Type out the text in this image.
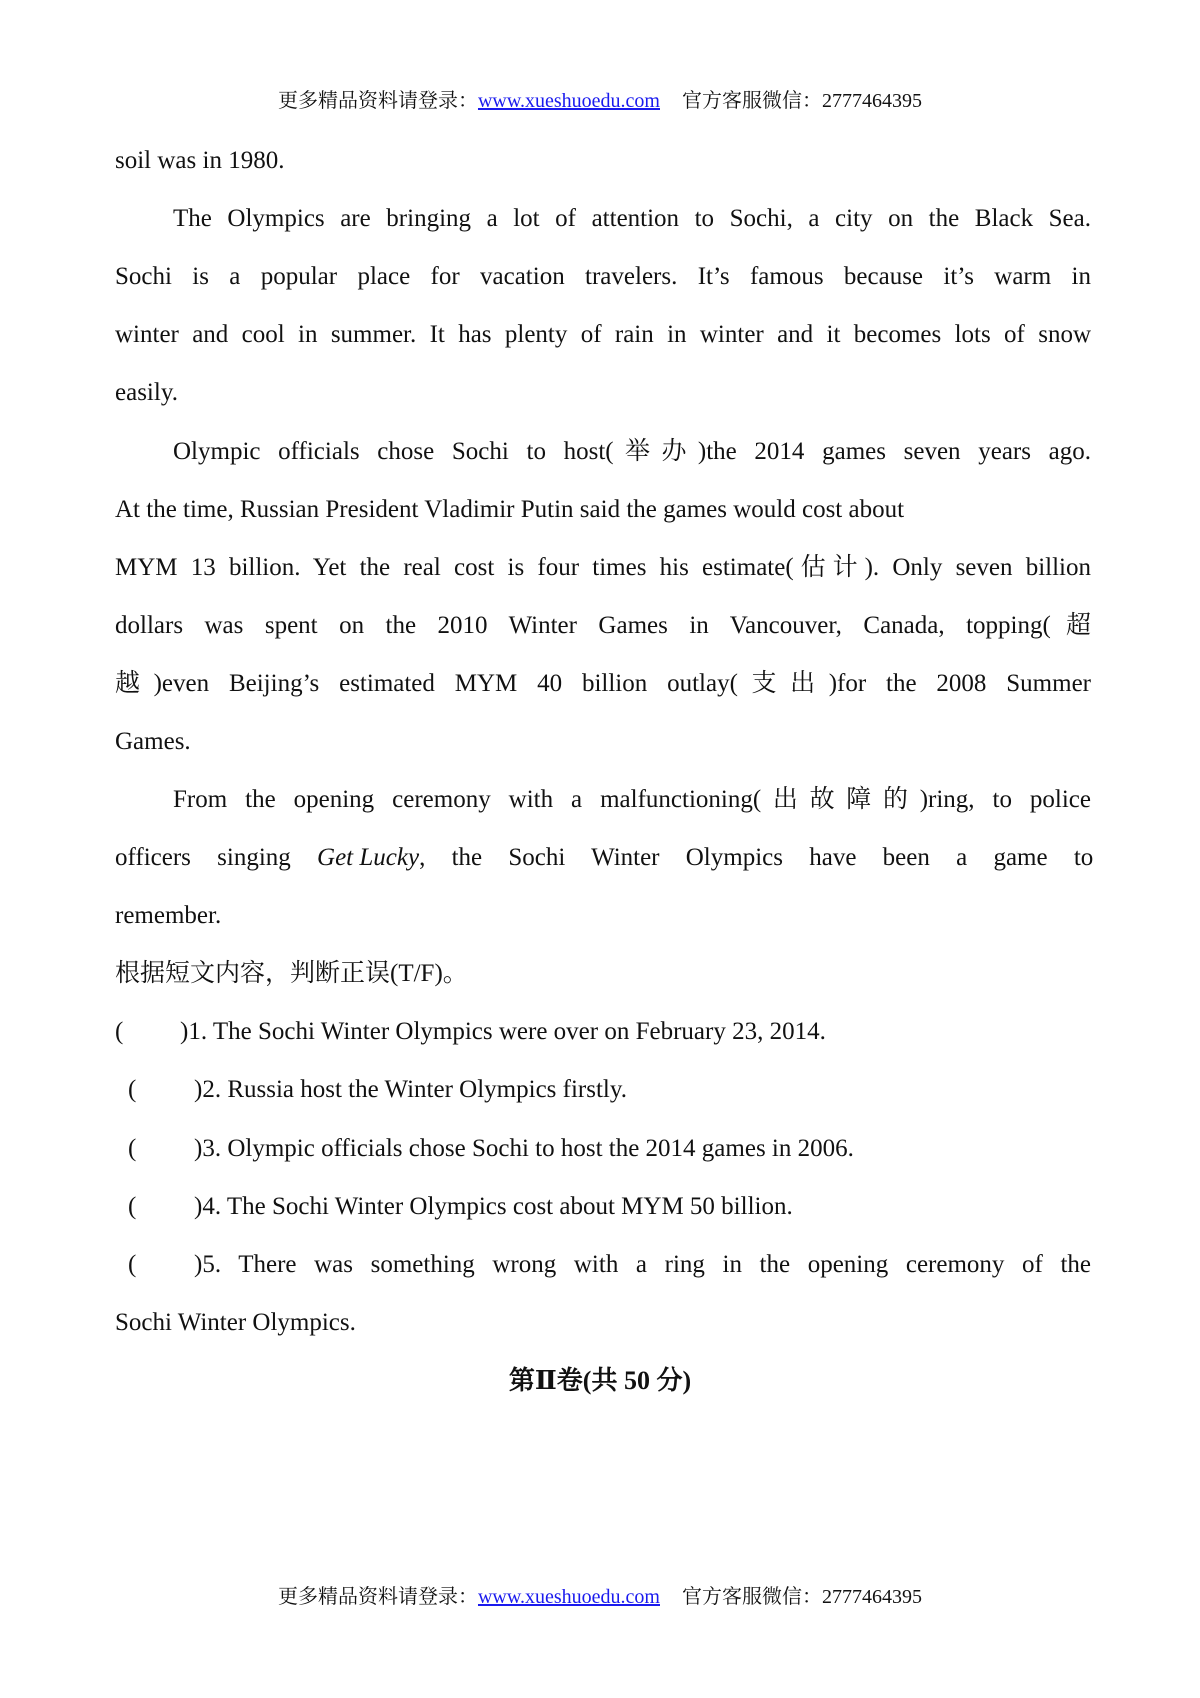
更多精品资料请登录：www.xueshuoedu.com 官方客服微信：2777464395
soil was in 1980.
The Olympics are bringing a lot of attention to Sochi, a city on the Black Sea.
Sochi is a popular place for vacation travelers. It’s famous because it’s warm in
winter and cool in summer. It has plenty of rain in winter and it becomes lots of snow
easily.
Olympic officials chose Sochi to host(举办)the 2014 games seven years ago.
At the time, Russian President Vladimir Putin said the games would cost about
MYM 13 billion. Yet the real cost is four times his estimate(估计). Only seven billion
dollars was spent on the 2010 Winter Games in Vancouver, Canada, topping(超
越)even Beijing’s estimated MYM 40 billion outlay(支出)for the 2008 Summer
Games.
From the opening ceremony with a malfunctioning(出故障的)ring, to police
officers singing Get Lucky, the Sochi Winter Olympics have been a game to
remember.
根据短文内容，判断正误(T/F)。
( )1. The Sochi Winter Olympics were over on February 23, 2014.
( )2. Russia host the Winter Olympics firstly.
( )3. Olympic officials chose Sochi to host the 2014 games in 2006.
( )4. The Sochi Winter Olympics cost about MYM 50 billion.
( )5. There was something wrong with a ring in the opening ceremony of the
Sochi Winter Olympics.
第Ⅱ卷(共 50 分)
更多精品资料请登录：www.xueshuoedu.com 官方客服微信：2777464395
